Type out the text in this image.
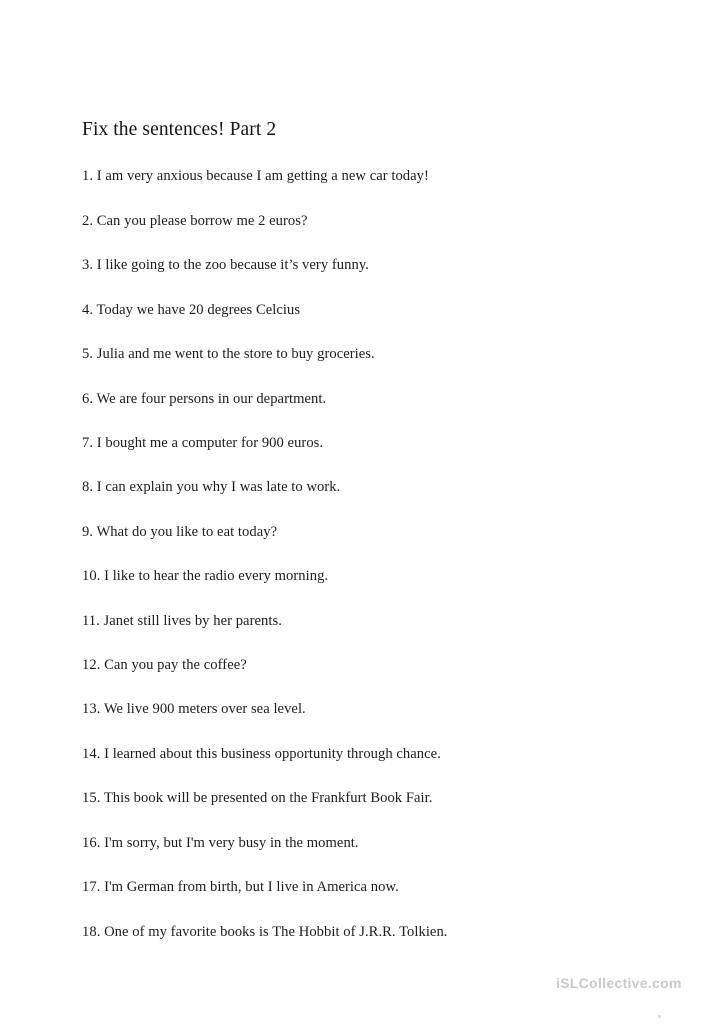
Fix the sentences! Part 2
1. I am very anxious because I am getting a new car today!
2. Can you please borrow me 2 euros?
3. I like going to the zoo because it’s very funny.
4. Today we have 20 degrees Celcius
5. Julia and me went to the store to buy groceries.
6. We are four persons in our department.
7. I bought me a computer for 900 euros.
8. I can explain you why I was late to work.
9. What do you like to eat today?
10. I like to hear the radio every morning.
11. Janet still lives by her parents.
12. Can you pay the coffee?
13. We live 900 meters over sea level.
14. I learned about this business opportunity through chance.
15. This book will be presented on the Frankfurt Book Fair.
16. I'm sorry, but I'm very busy in the moment.
17. I'm German from birth, but I live in America now.
18. One of my favorite books is The Hobbit of J.R.R. Tolkien.
iSLCollective.com
